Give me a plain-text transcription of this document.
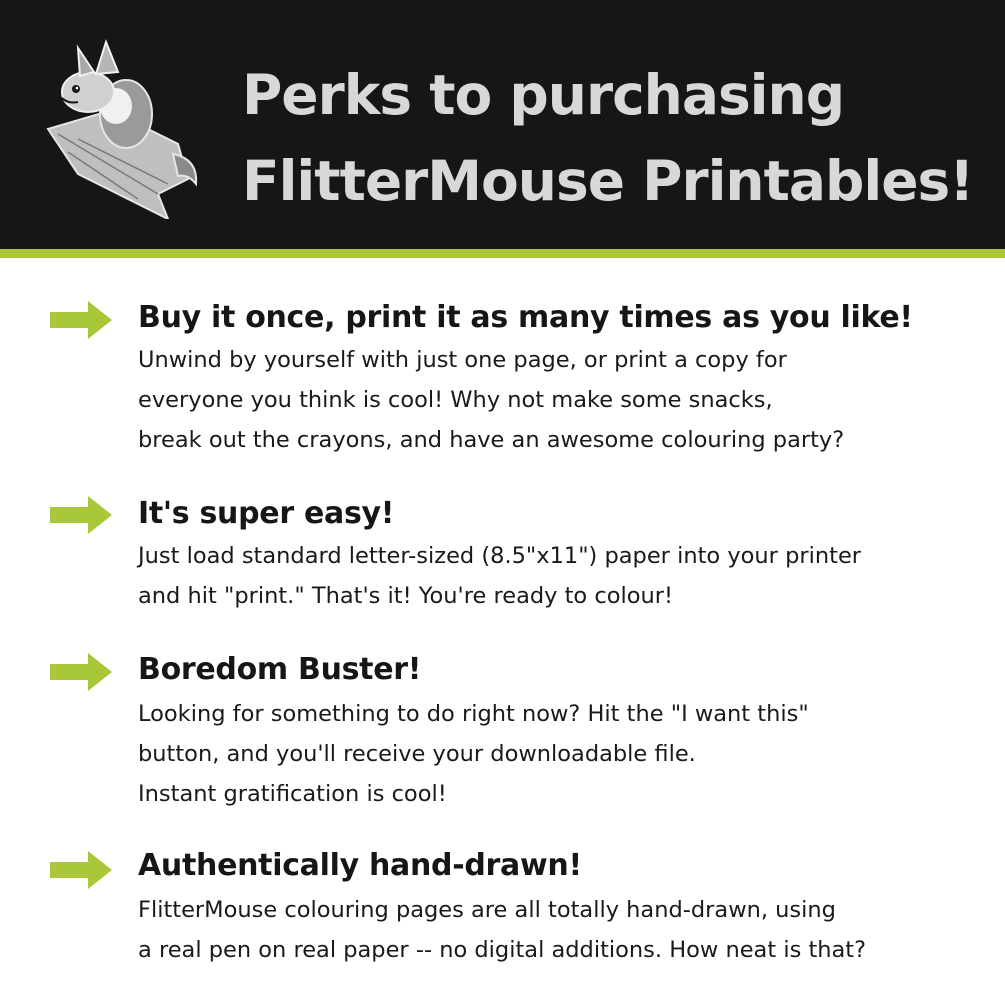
Perks to purchasing
FlitterMouse Printables!
Buy it once, print it as many times as you like!

Unwind by yourself with just one page, or print a copy for
everyone you think is cool! Why not make some snacks,
break out the crayons, and have an awesome colouring party?

It's super easy!

Just load standard letter-sized (8.5"x11") paper into your printer
and hit "print." That's it! You're ready to colour!

Boredom Buster!

Looking for something to do right now? Hit the "I want this"
button, and you'll receive your downloadable file.
Instant gratification is cool!

Authentically hand-drawn!

FlitterMouse colouring pages are all totally hand-drawn, using
a real pen on real paper -- no digital additions. How neat is that?
